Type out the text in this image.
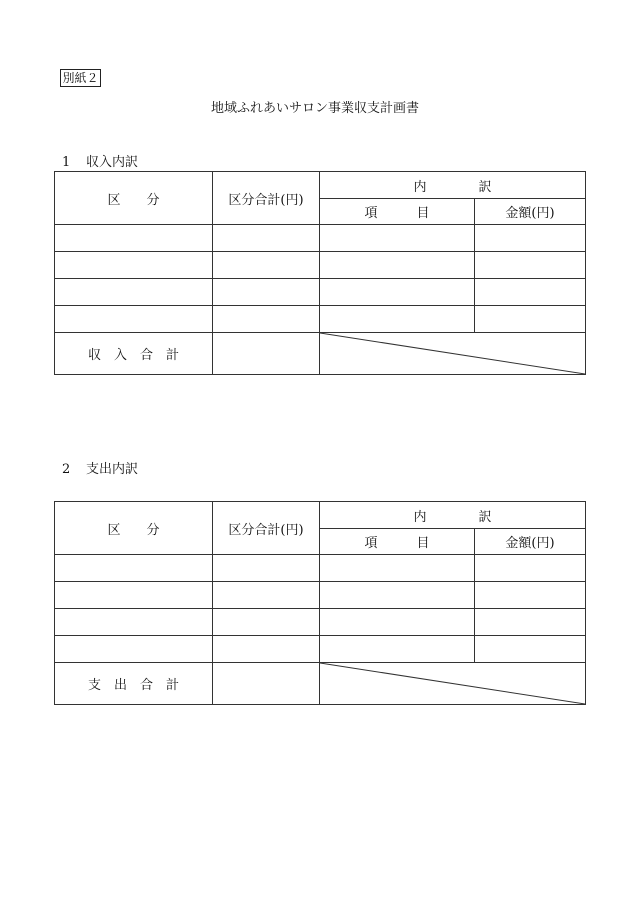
別紙２
地域ふれあいサロン事業収支計画書
1 収入内訳
区　　分	区分合計(円)	内　　　　訳	
		項　　　目	金額(円)

収　入　合　計		
2 支出内訳
区　　分	区分合計(円)	内　　　　訳	
		項　　　目	金額(円)

支　出　合　計		
